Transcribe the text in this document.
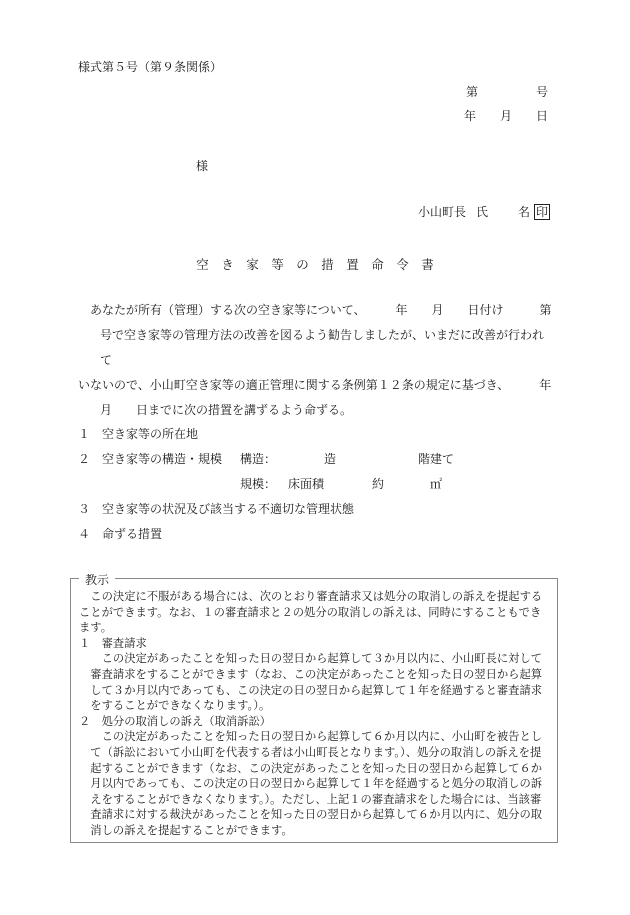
様式第５号（第９条関係）
第	号
年 月 日
様
小山町長 氏	名 印
空　き　家　等　の　措　置　命　令　書
あなたが所有（管理）する次の空き家等について、　　　年　　月　　日付け　　　第
号で空き家等の管理方法の改善を図るよう勧告しましたが、いまだに改善が行われて
いないので、小山町空き家等の適正管理に関する条例第１２条の規定に基づき、　　　年
月　　日までに次の措置を講ずるよう命ずる。
１ 空き家等の所在地
２ 空き家等の構造・規模 構造：	造	階建て
規模： 床面積	約	㎡
３ 空き家等の状況及び該当する不適切な管理状態
４ 命ずる措置
教示

この決定に不服がある場合には、次のとおり審査請求又は処分の取消しの訴えを提起することができます。なお、１の審査請求と２の処分の取消しの訴えは、同時にすることもできます。

１　審査請求

この決定があったことを知った日の翌日から起算して３か月以内に、小山町長に対して審査請求をすることができます（なお、この決定があったことを知った日の翌日から起算して３か月以内であっても、この決定の日の翌日から起算して１年を経過すると審査請求をすることができなくなります。）。

２　処分の取消しの訴え（取消訴訟）

この決定があったことを知った日の翌日から起算して６か月以内に、小山町を被告として（訴訟において小山町を代表する者は小山町長となります。）、処分の取消しの訴えを提起することができます（なお、この決定があったことを知った日の翌日から起算して６か月以内であっても、この決定の日の翌日から起算して１年を経過すると処分の取消しの訴えをすることができなくなります。）。ただし、上記１の審査請求をした場合には、当該審査請求に対する裁決があったことを知った日の翌日から起算して６か月以内に、処分の取消しの訴えを提起することができます。
